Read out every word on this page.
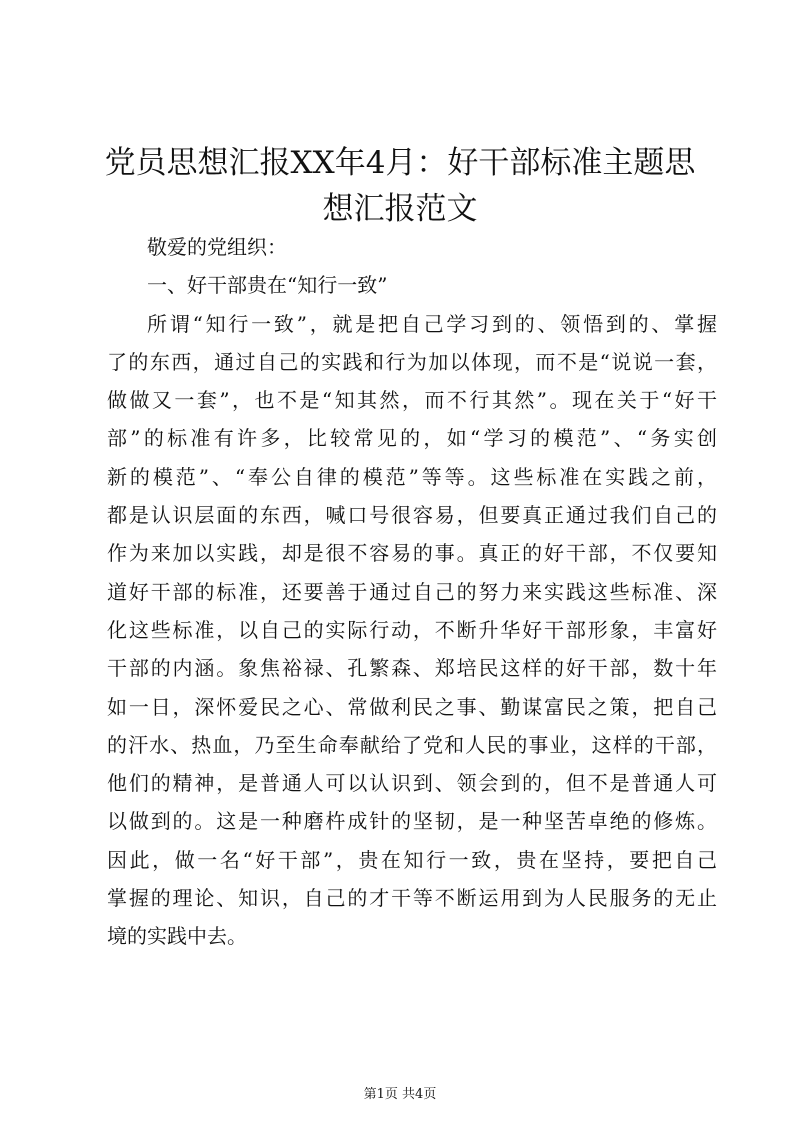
党员思想汇报XX年4月：好干部标准主题思
想汇报范文
敬爱的党组织：
一、好干部贵在“知行一致”
所谓“知行一致”，就是把自己学习到的、领悟到的、掌握
了的东西，通过自己的实践和行为加以体现，而不是“说说一套，
做做又一套”，也不是“知其然，而不行其然”。现在关于“好干
部”的标准有许多，比较常见的，如“学习的模范”、“务实创
新的模范”、“奉公自律的模范”等等。这些标准在实践之前，
都是认识层面的东西，喊口号很容易，但要真正通过我们自己的
作为来加以实践，却是很不容易的事。真正的好干部，不仅要知
道好干部的标准，还要善于通过自己的努力来实践这些标准、深
化这些标准，以自己的实际行动，不断升华好干部形象，丰富好
干部的内涵。象焦裕禄、孔繁森、郑培民这样的好干部，数十年
如一日，深怀爱民之心、常做利民之事、勤谋富民之策，把自己
的汗水、热血，乃至生命奉献给了党和人民的事业，这样的干部，
他们的精神，是普通人可以认识到、领会到的，但不是普通人可
以做到的。这是一种磨杵成针的坚韧，是一种坚苦卓绝的修炼。
因此，做一名“好干部”，贵在知行一致，贵在坚持，要把自己
掌握的理论、知识，自己的才干等不断运用到为人民服务的无止
境的实践中去。
第1页 共4页
